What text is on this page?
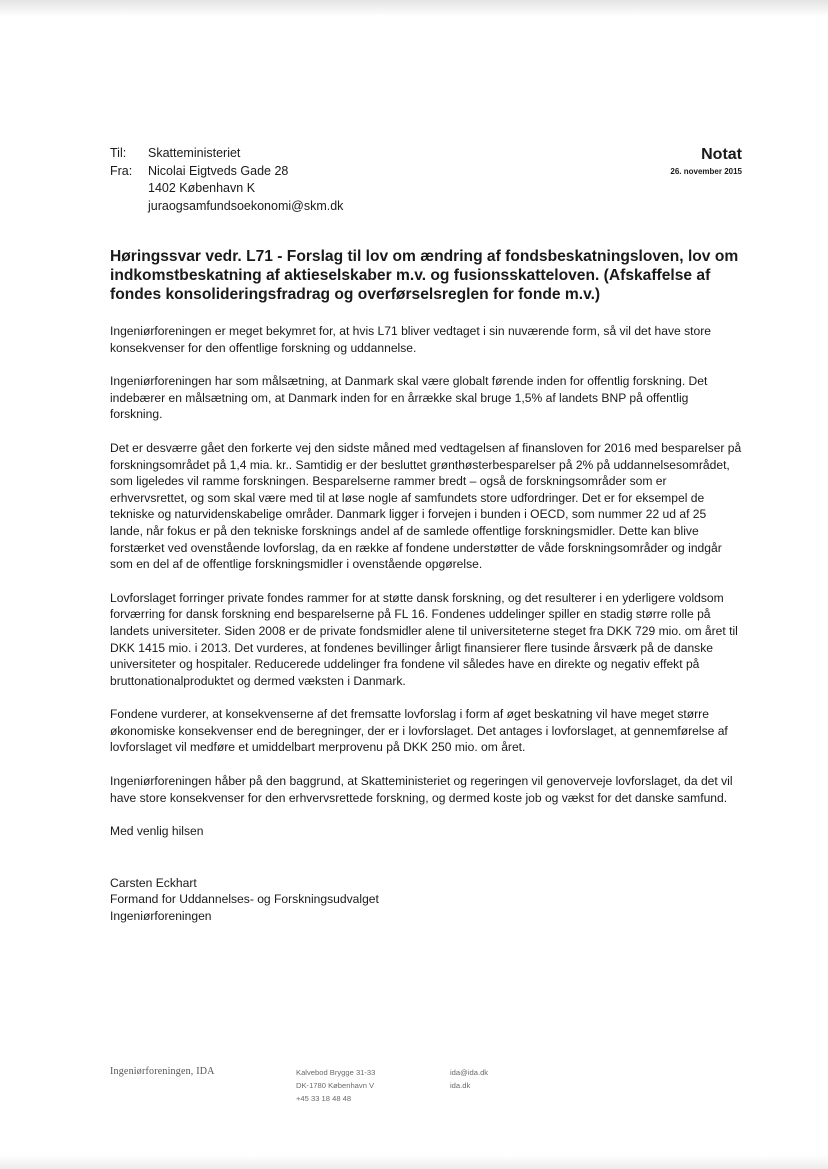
Til:	Skatteministeriet
Fra:	Nicolai Eigtveds Gade 28
1402 København K
juraogsamfundsoekonomi@skm.dk
Notat
26. november 2015
Høringssvar vedr. L71 - Forslag til lov om ændring af fondsbeskatningsloven, lov om indkomstbeskatning af aktieselskaber m.v. og fusionsskatteloven. (Afskaffelse af fondes konsolideringsfradrag og overførselsreglen for fonde m.v.)

Ingeniørforeningen er meget bekymret for, at hvis L71 bliver vedtaget i sin nuværende form, så vil det have store konsekvenser for den offentlige forskning og uddannelse.

Ingeniørforeningen har som målsætning, at Danmark skal være globalt førende inden for offentlig forskning. Det indebærer en målsætning om, at Danmark inden for en årrække skal bruge 1,5% af landets BNP på offentlig forskning.

Det er desværre gået den forkerte vej den sidste måned med vedtagelsen af finansloven for 2016 med besparelser på forskningsområdet på 1,4 mia. kr.. Samtidig er der besluttet grønthøsterbesparelser på 2% på uddannelsesområdet, som ligeledes vil ramme forskningen. Besparelserne rammer bredt – også de forskningsområder som er erhvervsrettet, og som skal være med til at løse nogle af samfundets store udfordringer. Det er for eksempel de tekniske og naturvidenskabelige områder. Danmark ligger i forvejen i bunden i OECD, som nummer 22 ud af 25 lande, når fokus er på den tekniske forsknings andel af de samlede offentlige forskningsmidler. Dette kan blive forstærket ved ovenstående lovforslag, da en række af fondene understøtter de våde forskningsområder og indgår som en del af de offentlige forskningsmidler i ovenstående opgørelse.

Lovforslaget forringer private fondes rammer for at støtte dansk forskning, og det resulterer i en yderligere voldsom forværring for dansk forskning end besparelserne på FL 16. Fondenes uddelinger spiller en stadig større rolle på landets universiteter. Siden 2008 er de private fondsmidler alene til universiteterne steget fra DKK 729 mio. om året til DKK 1415 mio. i 2013. Det vurderes, at fondenes bevillinger årligt finansierer flere tusinde årsværk på de danske universiteter og hospitaler. Reducerede uddelinger fra fondene vil således have en direkte og negativ effekt på bruttonationalproduktet og dermed væksten i Danmark.

Fondene vurderer, at konsekvenserne af det fremsatte lovforslag i form af øget beskatning vil have meget større økonomiske konsekvenser end de beregninger, der er i lovforslaget. Det antages i lovforslaget, at gennemførelse af lovforslaget vil medføre et umiddelbart merprovenu på DKK 250 mio. om året.

Ingeniørforeningen håber på den baggrund, at Skatteministeriet og regeringen vil genoverveje lovforslaget, da det vil have store konsekvenser for den erhvervsrettede forskning, og dermed koste job og vækst for det danske samfund.

Med venlig hilsen

Carsten Eckhart
Formand for Uddannelses- og Forskningsudvalget
Ingeniørforeningen
Ingeniørforeningen, IDA	Kalvebod Brygge 31-33
DK-1780 København V
+45 33 18 48 48
ida@ida.dk
ida.dk
